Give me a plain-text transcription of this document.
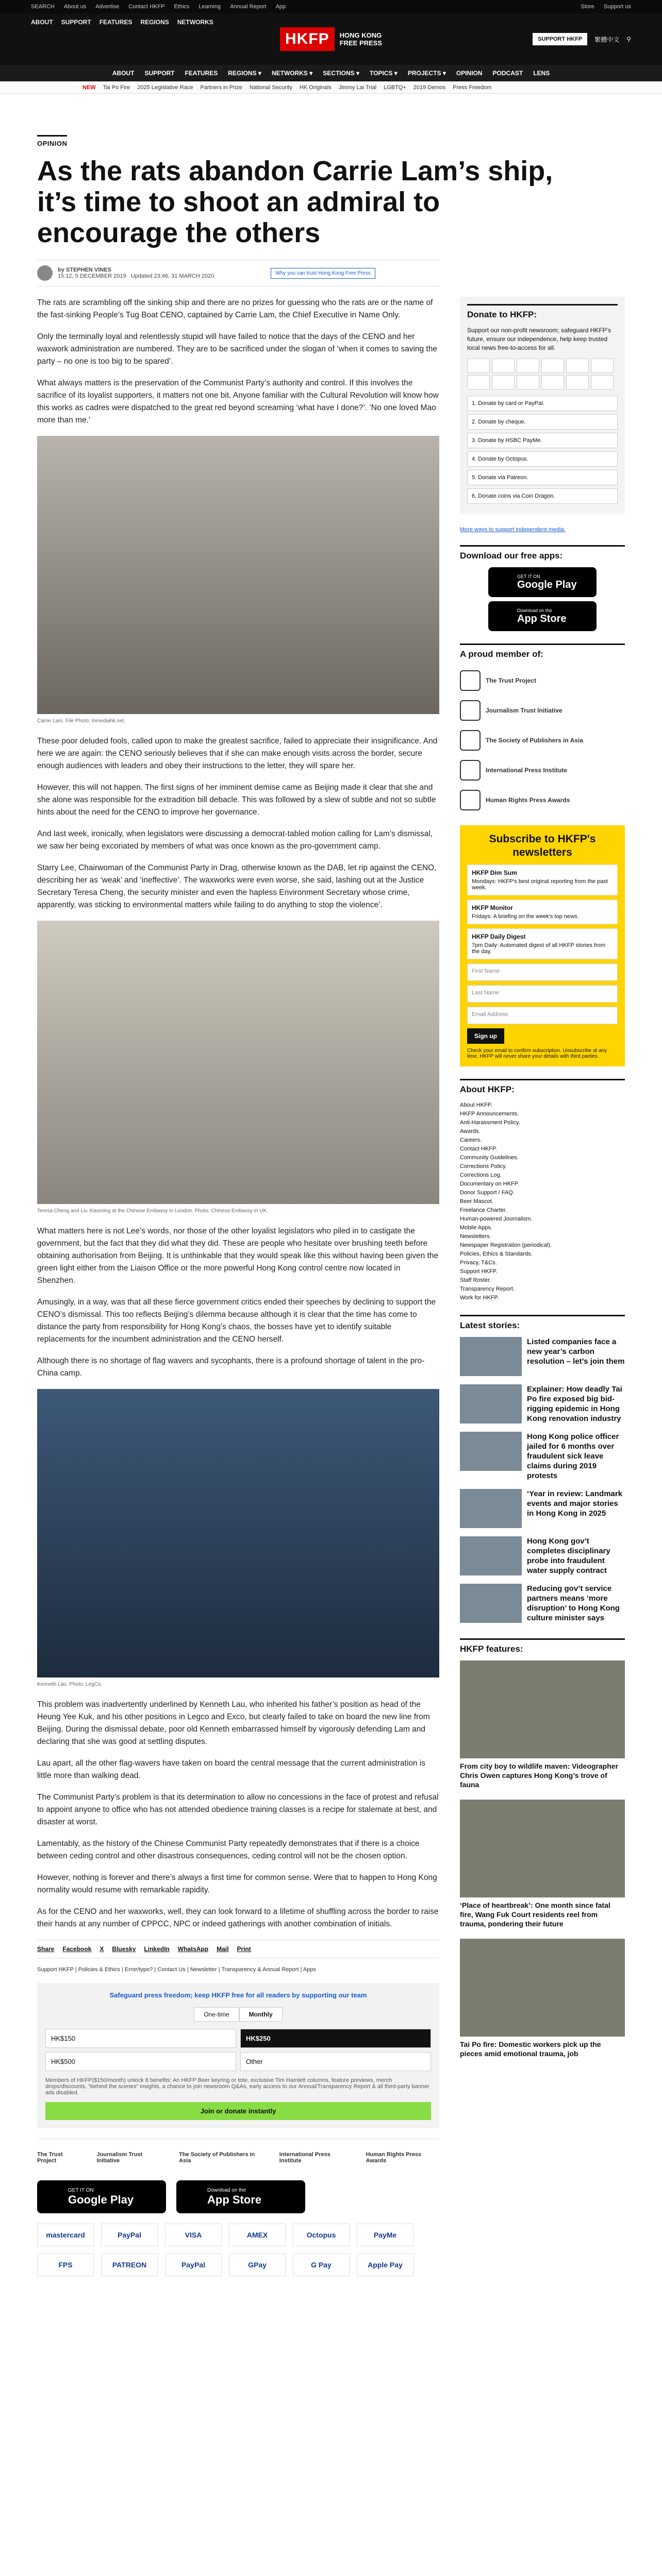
SEARCH About us Advertise Contact HKFP Ethics Learning Annual Report App	Store Support us
ABOUT SUPPORT FEATURES REGIONS NETWORKS
HKFP	HONG KONG
FREE PRESS	SUPPORT HKFP	繁體中文 ⚲
ABOUT SUPPORT FEATURES REGIONS ▾ NETWORKS ▾ SECTIONS ▾ TOPICS ▾ PROJECTS ▾ OPINION PODCAST LENS
NEW Tai Po Fire 2025 Legislative Race Partners in Prize National Security HK Originals Jimmy Lai Trial LGBTQ+ 2019 Demos Press Freedom
OPINION
As the rats abandon Carrie Lam’s ship, it’s time to shoot an admiral to encourage the others
by STEPHEN VINES
15:12, 5 DECEMBER 2019 Updated 23:46, 31 MARCH 2020	Why you can trust Hong Kong Free Press

The rats are scrambling off the sinking ship and there are no prizes for guessing who the rats are or the name of the fast-sinking People’s Tug Boat CENO, captained by Carrie Lam, the Chief Executive in Name Only.

Only the terminally loyal and relentlessly stupid will have failed to notice that the days of the CENO and her waxwork administration are numbered. They are to be sacrificed under the slogan of ‘when it comes to saving the party – no one is too big to be spared’.

What always matters is the preservation of the Communist Party’s authority and control. If this involves the sacrifice of its loyalist supporters, it matters not one bit. Anyone familiar with the Cultural Revolution will know how this works as cadres were dispatched to the great red beyond screaming ‘what have I done?’. ‘No one loved Mao more than me.’

Carrie Lam. File Photo: Inmediahk.net.

These poor deluded fools, called upon to make the greatest sacrifice, failed to appreciate their insignificance. And here we are again: the CENO seriously believes that if she can make enough visits across the border, secure enough audiences with leaders and obey their instructions to the letter, they will spare her.

However, this will not happen. The first signs of her imminent demise came as Beijing made it clear that she and she alone was responsible for the extradition bill debacle. This was followed by a slew of subtle and not so subtle hints about the need for the CENO to improve her governance.

And last week, ironically, when legislators were discussing a democrat-tabled motion calling for Lam’s dismissal, we saw her being excoriated by members of what was once known as the pro-government camp.

Starry Lee, Chairwoman of the Communist Party in Drag, otherwise known as the DAB, let rip against the CENO, describing her as ‘weak’ and ‘ineffective’. The waxworks were even worse, she said, lashing out at the Justice Secretary Teresa Cheng, the security minister and even the hapless Environment Secretary whose crime, apparently, was sticking to environmental matters while failing to do anything to stop the violence’.

Teresa Cheng and Liu Xiaoming at the Chinese Embassy in London. Photo: Chinese Embassy in UK.

What matters here is not Lee’s words, nor those of the other loyalist legislators who piled in to castigate the government, but the fact that they did what they did. These are people who hesitate over brushing teeth before obtaining authorisation from Beijing. It is unthinkable that they would speak like this without having been given the green light either from the Liaison Office or the more powerful Hong Kong control centre now located in Shenzhen.

Amusingly, in a way, was that all these fierce government critics ended their speeches by declining to support the CENO’s dismissal. This too reflects Beijing’s dilemma because although it is clear that the time has come to distance the party from responsibility for Hong Kong’s chaos, the bosses have yet to identify suitable replacements for the incumbent administration and the CENO herself.

Although there is no shortage of flag wavers and sycophants, there is a profound shortage of talent in the pro-China camp.

Kenneth Lau. Photo: LegCo.

This problem was inadvertently underlined by Kenneth Lau, who inherited his father’s position as head of the Heung Yee Kuk, and his other positions in Legco and Exco, but clearly failed to take on board the new line from Beijing. During the dismissal debate, poor old Kenneth embarrassed himself by vigorously defending Lam and declaring that she was good at settling disputes.

Lau apart, all the other flag-wavers have taken on board the central message that the current administration is little more than walking dead.

The Communist Party’s problem is that its determination to allow no concessions in the face of protest and refusal to appoint anyone to office who has not attended obedience training classes is a recipe for stalemate at best, and disaster at worst.

Lamentably, as the history of the Chinese Communist Party repeatedly demonstrates that if there is a choice between ceding control and other disastrous consequences, ceding control will not be the chosen option.

However, nothing is forever and there’s always a first time for common sense. Were that to happen to Hong Kong normality would resume with remarkable rapidity.

As for the CENO and her waxworks, well, they can look forward to a lifetime of shuffling across the border to raise their hands at any number of CPPCC, NPC or indeed gatherings with another combination of initials.

Share Facebook X Bluesky LinkedIn WhatsApp Mail Print
Support HKFP | Policies & Ethics | Error/typo? | Contact Us | Newsletter | Transparency & Annual Report | Apps
Safeguard press freedom; keep HKFP free for all readers by supporting our team
One-time	Monthly
HK$150	HK$250
HK$500	Other
Members of HKFP($150/month) unlock 8 benefits: An HKFP Beer keyring or tote, exclusive Tim Hamlett columns, feature previews, merch drops/discounts, "behind the scenes" insights, a chance to join newsroom Q&As, early access to our Annual/Transparency Report & all third-party banner ads disabled.
Join or donate instantly
The Trust Project
Journalism Trust Initiative
The Society of Publishers in Asia
International Press Institute
Human Rights Press Awards
GET IT ON
Google Play
Download on the
App Store
mastercard	PayPal	VISA	AMEX	Octopus	PayMe
FPS	PATREON	PayPal	GPay	G Pay	Apple Pay
Donate to HKFP:
Support our non-profit newsroom; safeguard HKFP’s future, ensure our independence, help keep trusted local news free-to-access for all.
1. Donate by card or PayPal.
2. Donate by cheque.
3. Donate by HSBC PayMe.
4. Donate by Octopus.
5. Donate via Patreon.
6. Donate coins via Coin Dragon.
More ways to support independent media.
Download our free apps:
GET IT ON
Google Play
Download on the
App Store
A proud member of:
The Trust Project
Journalism Trust Initiative
The Society of Publishers in Asia
International Press Institute
Human Rights Press Awards
Subscribe to HKFP's newsletters
HKFP Dim Sum
Mondays: HKFP's best original reporting from the past week.
HKFP Monitor
Fridays: A briefing on the week's top news.
HKFP Daily Digest
7pm Daily: Automated digest of all HKFP stories from the day.
First Name
Last Name
Email Address
Sign up
Check your email to confirm subscription. Unsubscribe at any time. HKFP will never share your details with third parties.
About HKFP:
About HKFP.
HKFP Announcements.
Anti-Harassment Policy.
Awards.
Careers.
Contact HKFP.
Community Guidelines.
Corrections Policy.
Corrections Log.
Documentary on HKFP.
Donor Support / FAQ.
Beer Mascot.
Freelance Charter.
Human-powered Journalism.
Mobile Apps.
Newsletters.
Newspaper Registration (periodical).
Policies, Ethics & Standards.
Privacy, T&Cs.
Support HKFP.
Staff Roster.
Transparency Report.
Work for HKFP.
Latest stories:
Listed companies face a new year’s carbon resolution – let’s join them
Explainer: How deadly Tai Po fire exposed big bid-rigging epidemic in Hong Kong renovation industry
Hong Kong police officer jailed for 6 months over fraudulent sick leave claims during 2019 protests
‘Year in review: Landmark events and major stories in Hong Kong in 2025
Hong Kong gov’t completes disciplinary probe into fraudulent water supply contract
Reducing gov’t service partners means ‘more disruption’ to Hong Kong culture minister says
HKFP features:
From city boy to wildlife maven: Videographer Chris Owen captures Hong Kong’s trove of fauna
‘Place of heartbreak’: One month since fatal fire, Wang Fuk Court residents reel from trauma, pondering their future
Tai Po fire: Domestic workers pick up the pieces amid emotional trauma, job
